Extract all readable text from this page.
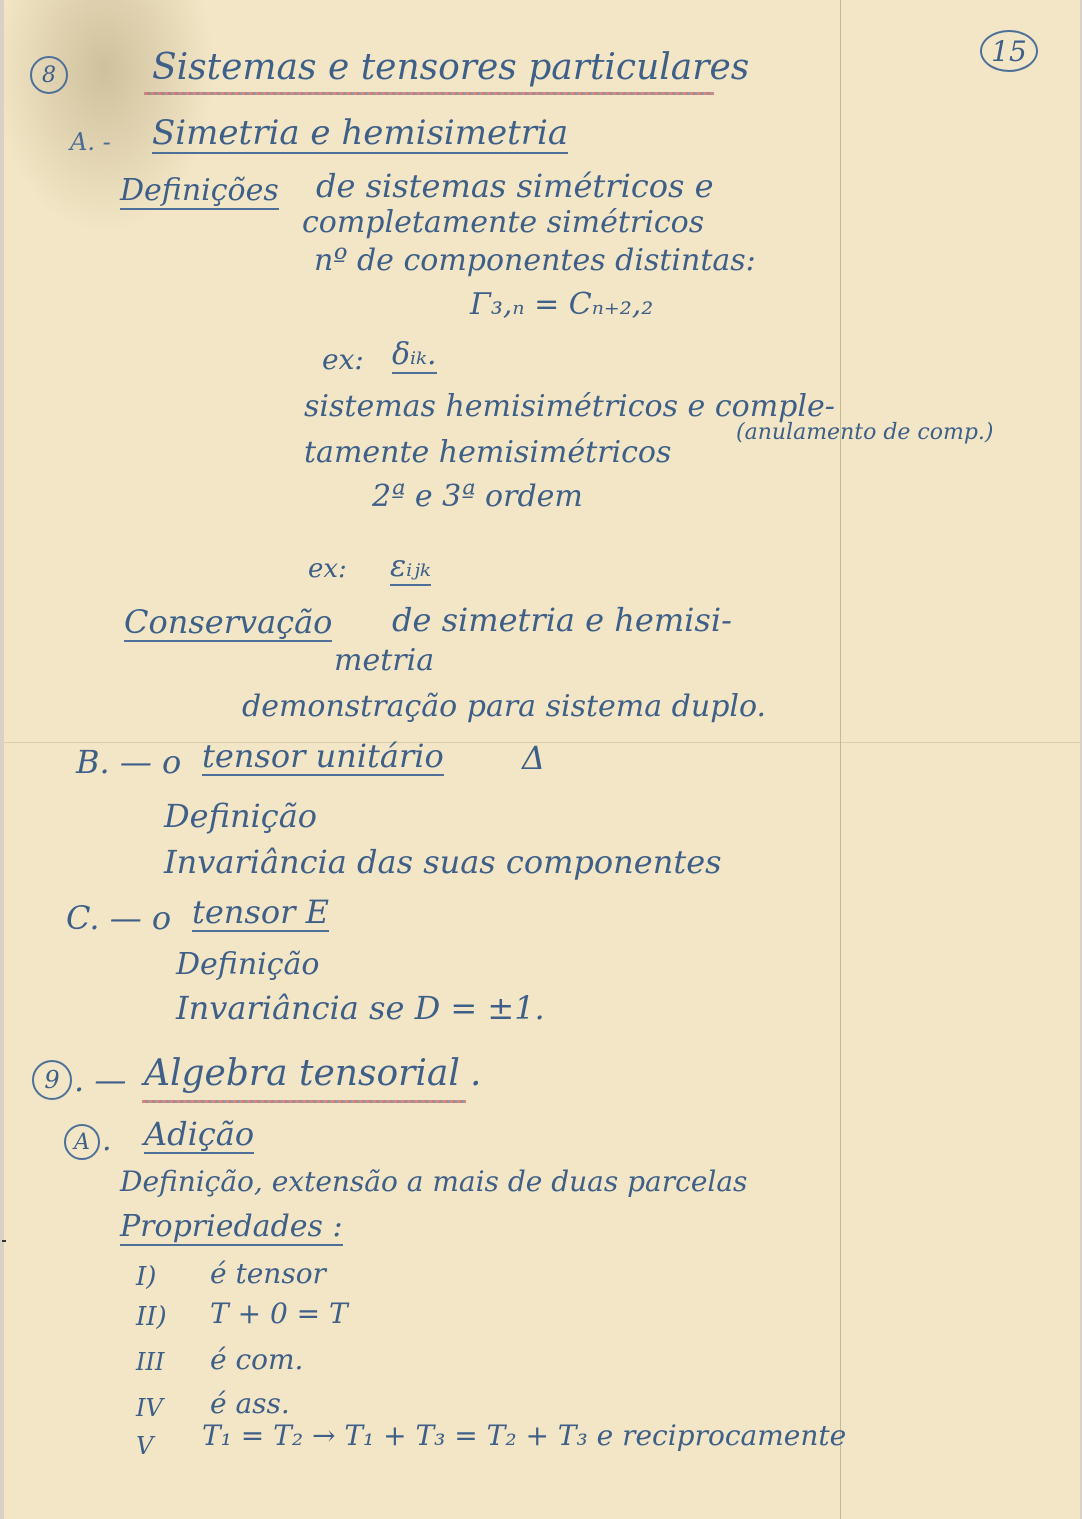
15
8	Sistemas e tensores particulares
A. - Simetria e hemisimetria
Definições de sistemas simétricos e
completamente simétricos
nº de componentes distintas:
Γ₃,ₙ = Cₙ₊₂,₂
ex: δᵢₖ.
sistemas hemisimétricos e comple-
tamente hemisimétricos
(anulamento de comp.)
2ª e 3ª ordem
ex: εᵢⱼₖ
Conservação de simetria e hemisi-
metria
demonstração para sistema duplo.
B. — o tensor unitário Δ
Definição
Invariância das suas componentes
C. — o tensor E
Definição
Invariância se D = ±1.
9 . — Algebra tensorial .
A . Adição
Definição, extensão a mais de duas parcelas
Propriedades :
I) é tensor
II) T + 0 = T
III é com.
IV é ass.
V T₁ = T₂ → T₁ + T₃ = T₂ + T₃ e reciprocamente
